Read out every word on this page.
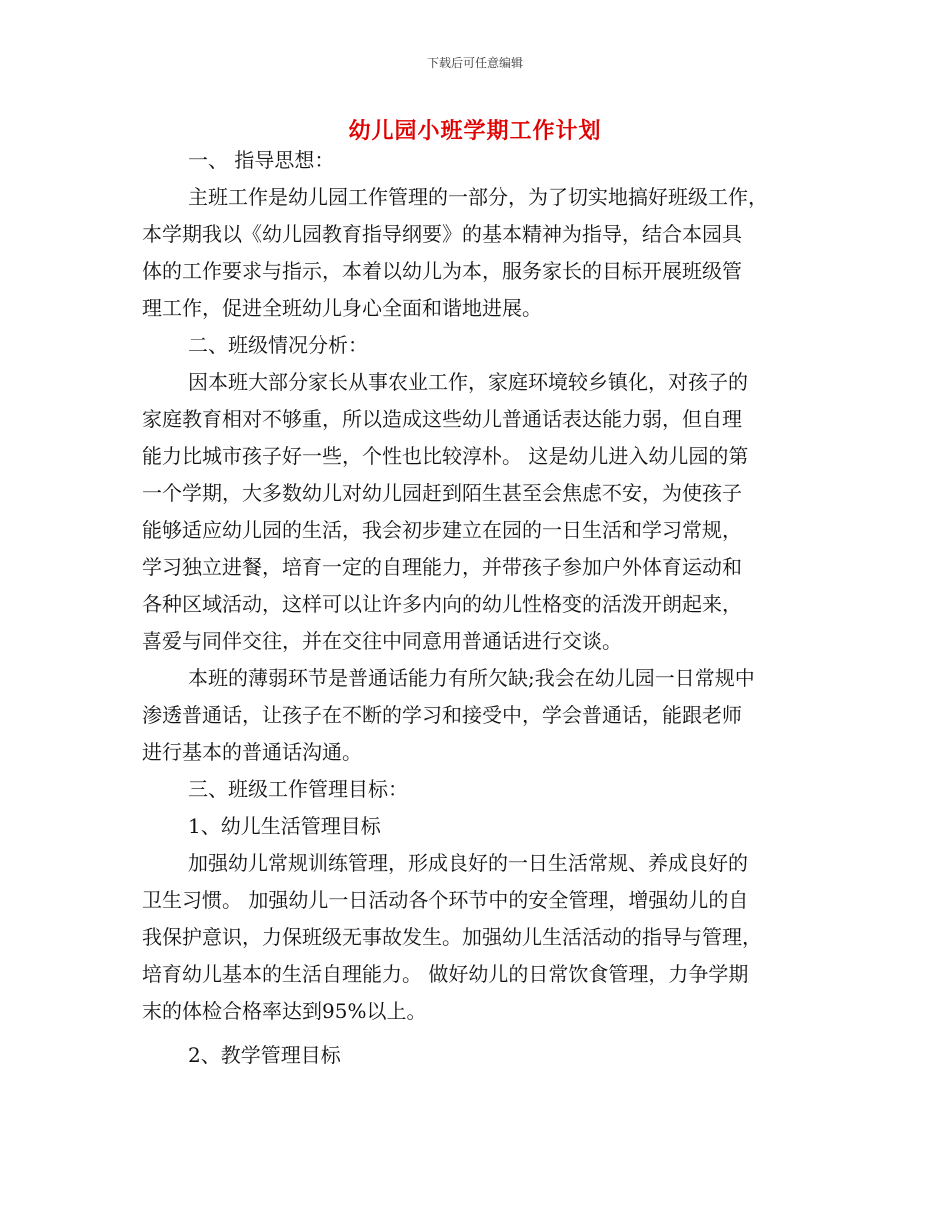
下载后可任意编辑
幼儿园小班学期工作计划
一、 指导思想：
主班工作是幼儿园工作管理的一部分，为了切实地搞好班级工作，
本学期我以《幼儿园教育指导纲要》的基本精神为指导，结合本园具
体的工作要求与指示，本着以幼儿为本，服务家长的目标开展班级管
理工作，促进全班幼儿身心全面和谐地进展。
二、班级情况分析：
因本班大部分家长从事农业工作，家庭环境较乡镇化，对孩子的
家庭教育相对不够重，所以造成这些幼儿普通话表达能力弱，但自理
能力比城市孩子好一些，个性也比较淳朴。 这是幼儿进入幼儿园的第
一个学期，大多数幼儿对幼儿园赶到陌生甚至会焦虑不安，为使孩子
能够适应幼儿园的生活，我会初步建立在园的一日生活和学习常规，
学习独立进餐，培育一定的自理能力，并带孩子参加户外体育运动和
各种区域活动，这样可以让许多内向的幼儿性格变的活泼开朗起来，
喜爱与同伴交往，并在交往中同意用普通话进行交谈。
本班的薄弱环节是普通话能力有所欠缺;我会在幼儿园一日常规中
渗透普通话，让孩子在不断的学习和接受中，学会普通话，能跟老师
进行基本的普通话沟通。
三、班级工作管理目标：
1、幼儿生活管理目标
加强幼儿常规训练管理，形成良好的一日生活常规、养成良好的
卫生习惯。 加强幼儿一日活动各个环节中的安全管理，增强幼儿的自
我保护意识，力保班级无事故发生。加强幼儿生活活动的指导与管理，
培育幼儿基本的生活自理能力。 做好幼儿的日常饮食管理，力争学期
末的体检合格率达到95%以上。
2、教学管理目标
